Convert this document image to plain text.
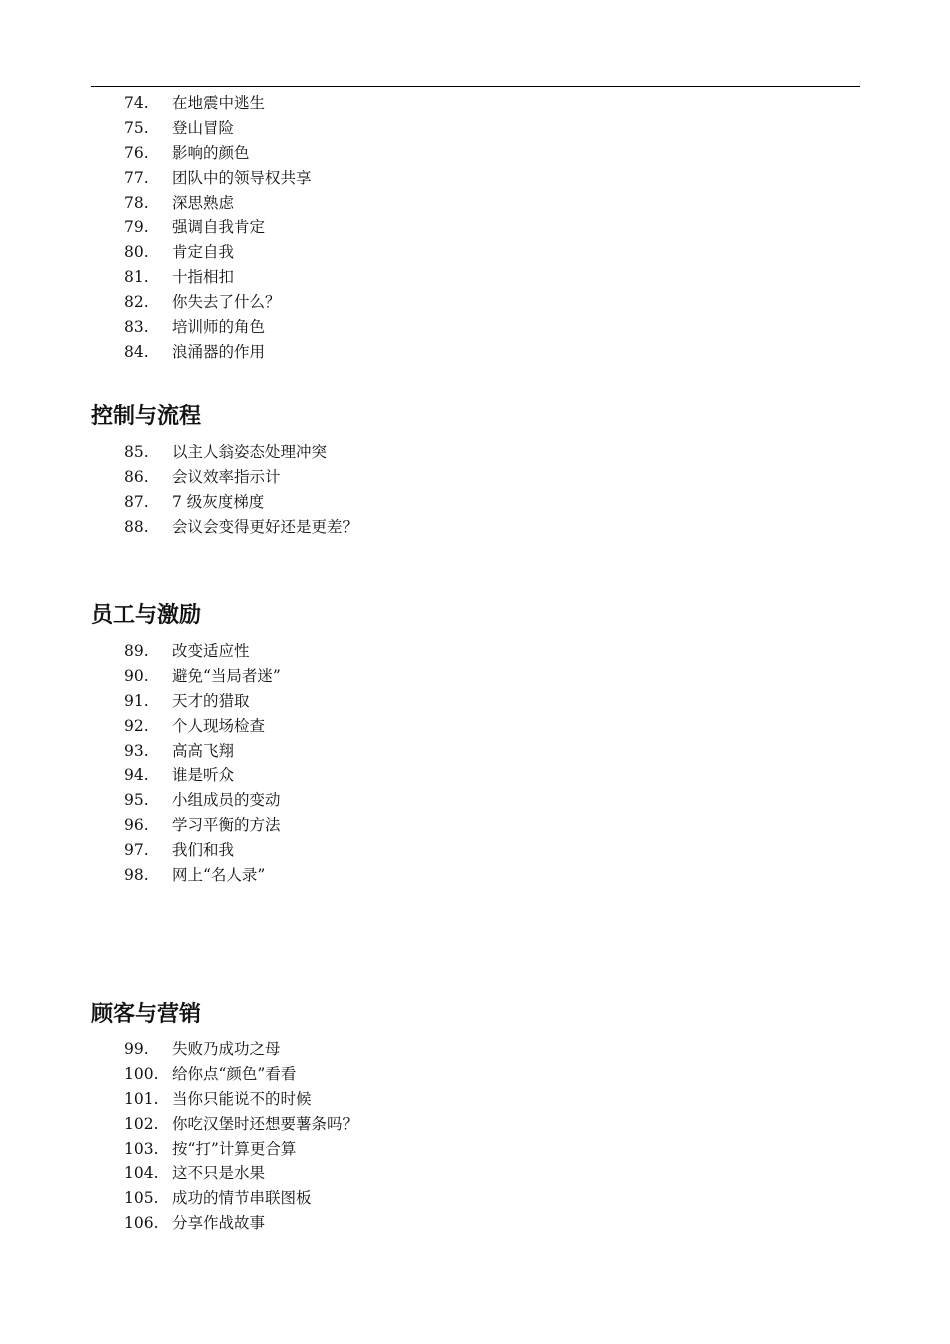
74. 在地震中逃生
75. 登山冒险
76. 影响的颜色
77. 团队中的领导权共享
78. 深思熟虑
79. 强调自我肯定
80. 肯定自我
81. 十指相扣
82. 你失去了什么？
83. 培训师的角色
84. 浪涌器的作用
控制与流程
85. 以主人翁姿态处理冲突
86. 会议效率指示计
87. 7 级灰度梯度
88. 会议会变得更好还是更差？
员工与激励
89. 改变适应性
90. 避免“当局者迷”
91. 天才的猎取
92. 个人现场检查
93. 高高飞翔
94. 谁是听众
95. 小组成员的变动
96. 学习平衡的方法
97. 我们和我
98. 网上“名人录”
顾客与营销
99. 失败乃成功之母
100. 给你点“颜色”看看
101. 当你只能说不的时候
102. 你吃汉堡时还想要薯条吗？
103. 按“打”计算更合算
104. 这不只是水果
105. 成功的情节串联图板
106. 分享作战故事
